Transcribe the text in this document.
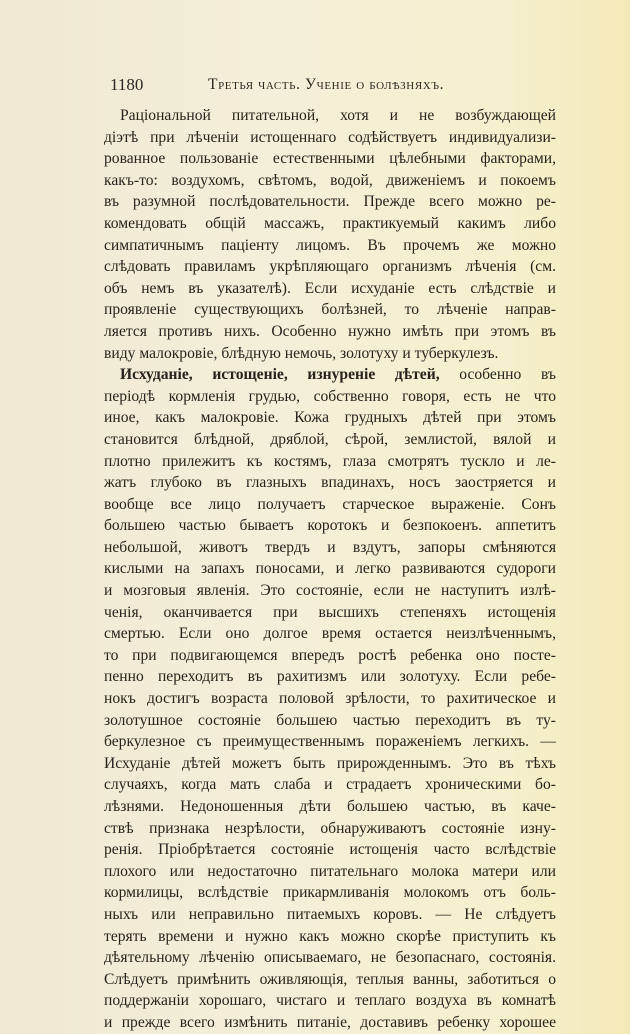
1180	Третья часть. Ученіе о болѣзняхъ.
Раціональной питательной, хотя и не возбуждающей
діэтѣ при лѣченіи истощеннаго содѣйствуетъ индивидуализи-
рованное пользованіе естественными цѣлебными факторами,
какъ-то: воздухомъ, свѣтомъ, водой, движеніемъ и покоемъ
въ разумной послѣдовательности. Прежде всего можно ре-
комендовать общій массажъ, практикуемый какимъ либо
симпатичнымъ паціенту лицомъ. Въ прочемъ же можно
слѣдовать правиламъ укрѣпляющаго организмъ лѣченія (см.
объ немъ въ указателѣ). Если исхуданіе есть слѣдствіе и
проявленіе существующихъ болѣзней, то лѣченіе направ-
ляется противъ нихъ. Особенно нужно имѣть при этомъ въ
виду малокровіе, блѣдную немочь, золотуху и туберкулезъ.
Исхуданіе, истощеніе, изнуреніе дѣтей, особенно въ
періодѣ кормленія грудью, собственно говоря, есть не что
иное, какъ малокровіе. Кожа грудныхъ дѣтей при этомъ
становится блѣдной, дряблой, сѣрой, землистой, вялой и
плотно прилежитъ къ костямъ, глаза смотрятъ тускло и ле-
жатъ глубоко въ глазныхъ впадинахъ, носъ заостряется и
вообще все лицо получаетъ старческое выраженіе. Сонъ
большею частью бываетъ коротокъ и безпокоенъ. аппетитъ
небольшой, животъ твердъ и вздутъ, запоры смѣняются
кислыми на запахъ поносами, и легко развиваются судороги
и мозговыя явленія. Это состояніе, если не наступитъ излѣ-
ченія, оканчивается при высшихъ степеняхъ истощенія
смертью. Если оно долгое время остается неизлѣченнымъ,
то при подвигающемся впередъ ростѣ ребенка оно посте-
пенно переходитъ въ рахитизмъ или золотуху. Если ребе-
нокъ достигъ возраста половой зрѣлости, то рахитическое и
золотушное состояніе большею частью переходитъ въ ту-
беркулезное съ преимущественнымъ пораженіемъ легкихъ. —
Исхуданіе дѣтей можетъ быть прирожденнымъ. Это въ тѣхъ
случаяхъ, когда мать слаба и страдаетъ хроническими бо-
лѣзнями. Недоношенныя дѣти большею частью, въ каче-
ствѣ признака незрѣлости, обнаруживаютъ состояніе изну-
ренія. Пріобрѣтается состояніе истощенія часто вслѣдствіе
плохого или недостаточно питательнаго молока матери или
кормилицы, вслѣдствіе прикармливанія молокомъ отъ боль-
ныхъ или неправильно питаемыхъ коровъ. — Не слѣдуетъ
терять времени и нужно какъ можно скорѣе приступить къ
дѣятельному лѣченію описываемаго, не безопаснаго, состоянія.
Слѣдуетъ примѣнить оживляющія, теплыя ванны, заботиться о
поддержаніи хорошаго, чистаго и теплаго воздуха въ комнатѣ
и прежде всего измѣнить питаніе, доставивъ ребенку хорошее
